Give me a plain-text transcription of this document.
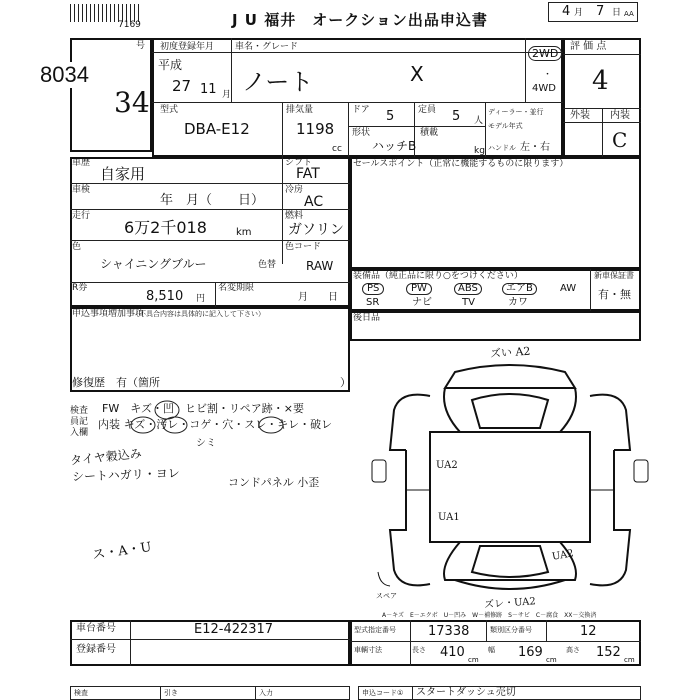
7169	J U 福井　オークション出品申込書	4 月 7 日 AA
号
8034
34
初度登録年月 車名・グレード
平成
27 11 月 ノート	X
2WD
4WD
・
型式
DBA-E12
排気量
1198
cc
ドア 5	定員 5 人
形状
ハッチB
積載
kg
ディーラー・並行
モデル年式
ハンドル 左・右
評 価 点
4
外装 内装
C
車歴
自家用
車検
年　月（　　日）
走行
6万2千018	km
色
シャイニングブルー	色替
R券
8,510 円
名変期限
月　　日
シフト
FAT
冷房
AC
燃料
ガソリン
色コード
RAW
セールスポイント（正常に機能するものに限ります）
装備品（純正品に限り○をつけください）
PS	PW	ABS	エアB	AW
SR	ナビ	TV	カワ
新車保証書
有・無
後日品
申込事項増加事項
（不具合内容は具体的に記入して下さい）
修復歴　有（箇所	）
検査員記入欄
FW　キズ・凹　ヒビ割・リペア跡・×要
内装 キズ・汚レ・コゲ・穴・スレ・キレ・破レ
シミ
タイヤ穀込み
シートハガリ・ヨレ	コンドパネル 小歪
ス・A・U
ズい A2
UA2
UA1
UA2
ズレ・UA2
スペア
A－キズ　E－エクボ　U－凹み　W－補修跡　S－サビ　C－腐食　XX－交換済
車台番号	E12-422317
登録番号
型式指定番号 17338	類別区分番号	12
車輌寸法	長さ 410 cm
幅 169 cm
高さ 152 cm
検査	引き	入力	申込コード① スタートダッシュ売切
